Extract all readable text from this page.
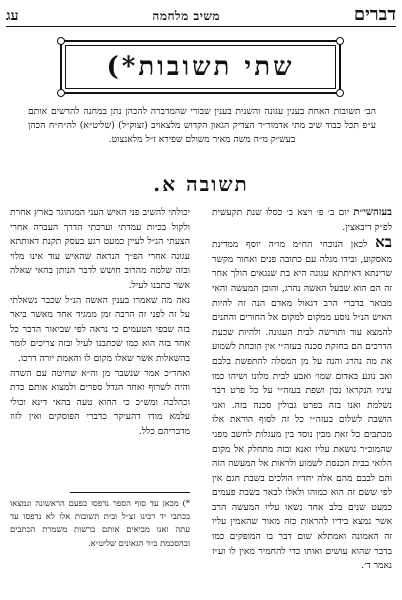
דברים
משיב מלחמה
עג
שתי תשובות*)
הב׳ תשובות האחת בענין עגונה והשנית בענין שבורי שהמדברה להכהן נתן במחנה להדשים אותם ע״פ תכל כבוד שיב מתי אדמור״ר הצדיק הגאון הקדוש מלצאויב (זצוק״ל) (שליט״א) לה״ח״ח הכהן בעש״ק מ״ה משה מאיר משולם שפירא ז״ל מלאנצוט.
תשובה א.

בעזהשי״ת יום ב׳ פ׳ ויצא ב׳ כסלו שנת תקעשית לפ״ק דיבאצין.

בא לכאן הנוכחי הח״מ מו״ה יוסף ממדינת מאסקוע, ובידו מגלה עם כתובה פנים ואחור מקשר שרינתא דאיתתא עגונה היא בת שנגאים הולך אחר זה הם הוא שבעל האשה נהרג, והוכן המעשה והאי מבואר בדברי הרב דגאול מאדם הנה זה להיות האיש הנ״ל נוסע ממקום למקום אל החורים והתנים להמצא עוד ותורשה לבית העגונה. ולהיות שכעת הדרכים הם בחזקת סכנה בעזה״י אין הוכחת לשמוע את מה נהרג והנה על מן המסלה להתפשת בלבם ואב נוגע באדום שמו׳ ואבע לבית מלונו ושיהו כמו עיניו הנקראו נכון ושפת בעזה״י על כל פרט דבר נשלמת ואנו בזה בפרט גבולין סכנה בזה. ואני הושבת לשלום בעזה״י כל זה לסוף הוראת אלו מכתבים כל זאת מבין נוסד בין מעגלות לחשב מפני שהמוכ״ר נושאת עליו ואנא ובזה מתחלק אל מקום הלואי בבית הכנסת לשמוע ולראות אל המעשה הזה והם לבבם מהם אלה יחדיו הולכים בשבת חגם אין לפי ששם זה הוא כמוהו ולאלו לבאר בשבת פעמים כמעט שנים בלב אחד נשאו עליו המעשה הרב אשר נמצא בידיו להראות כזה מאור שהאמין עליו זה האמונה ואמתלא שום דבר בו המופקים כמו בדבר שהוא עושים ואותו כדי להחמיר מאין לו וע״ז נאמר ד׳.

יכולתי להשיב פני האיש העני המגהוגר בארץ אחרת ולקול בכיות עמדתי וערכתי הדרך העברה אחרי הצעתי הנ״ל לעיין כמעט רגע בעסק תקנת דאותתא עגונה אחרי הפ״ך הנראה שהאיש עוד אינו מלוי ובזה שלמה מהרוב חושש לדבר הנותן בהאי שאלה אשר כתבנו לעיל.

נאה מה שאמרו בענין האשה הנ״ל שכבר נשאלתי על זה לפני זה הרבה זמן ממגיד אחד מאשר ביאר בזה שבפי הטעמים כי נראה לפי שביאור הדבר כל אחד בזה הוא כמו שכתבנו לעיל ובזה צריכים לומר בהשאלות אשר שאלו מקום לו והאמת יורה דרכו.

ואחר״כ אמר שנשבר מן וה״א שחיטה עם השדה והיה לשרוף ואחד הגדל ספרים ולמצוא אותם כדת וכהלכה ומש״כ כי ההוא טעה בהאי דינא וכולי עלמא מודו דהעיקר כדברי הפוסקים ואין לזוז מדבריהם כלל.

*) מכאן עד סוף הספר נדפסו בפעם הראשונה ונמצאו בכתבי יד רבינו זצ״ל ובית תשובות אלו לא נדפסו עד עתה ואנו מביאים אותם ברשות משמרת הכתבים ובהסכמת ב״ד הגאונים שליט״א.
